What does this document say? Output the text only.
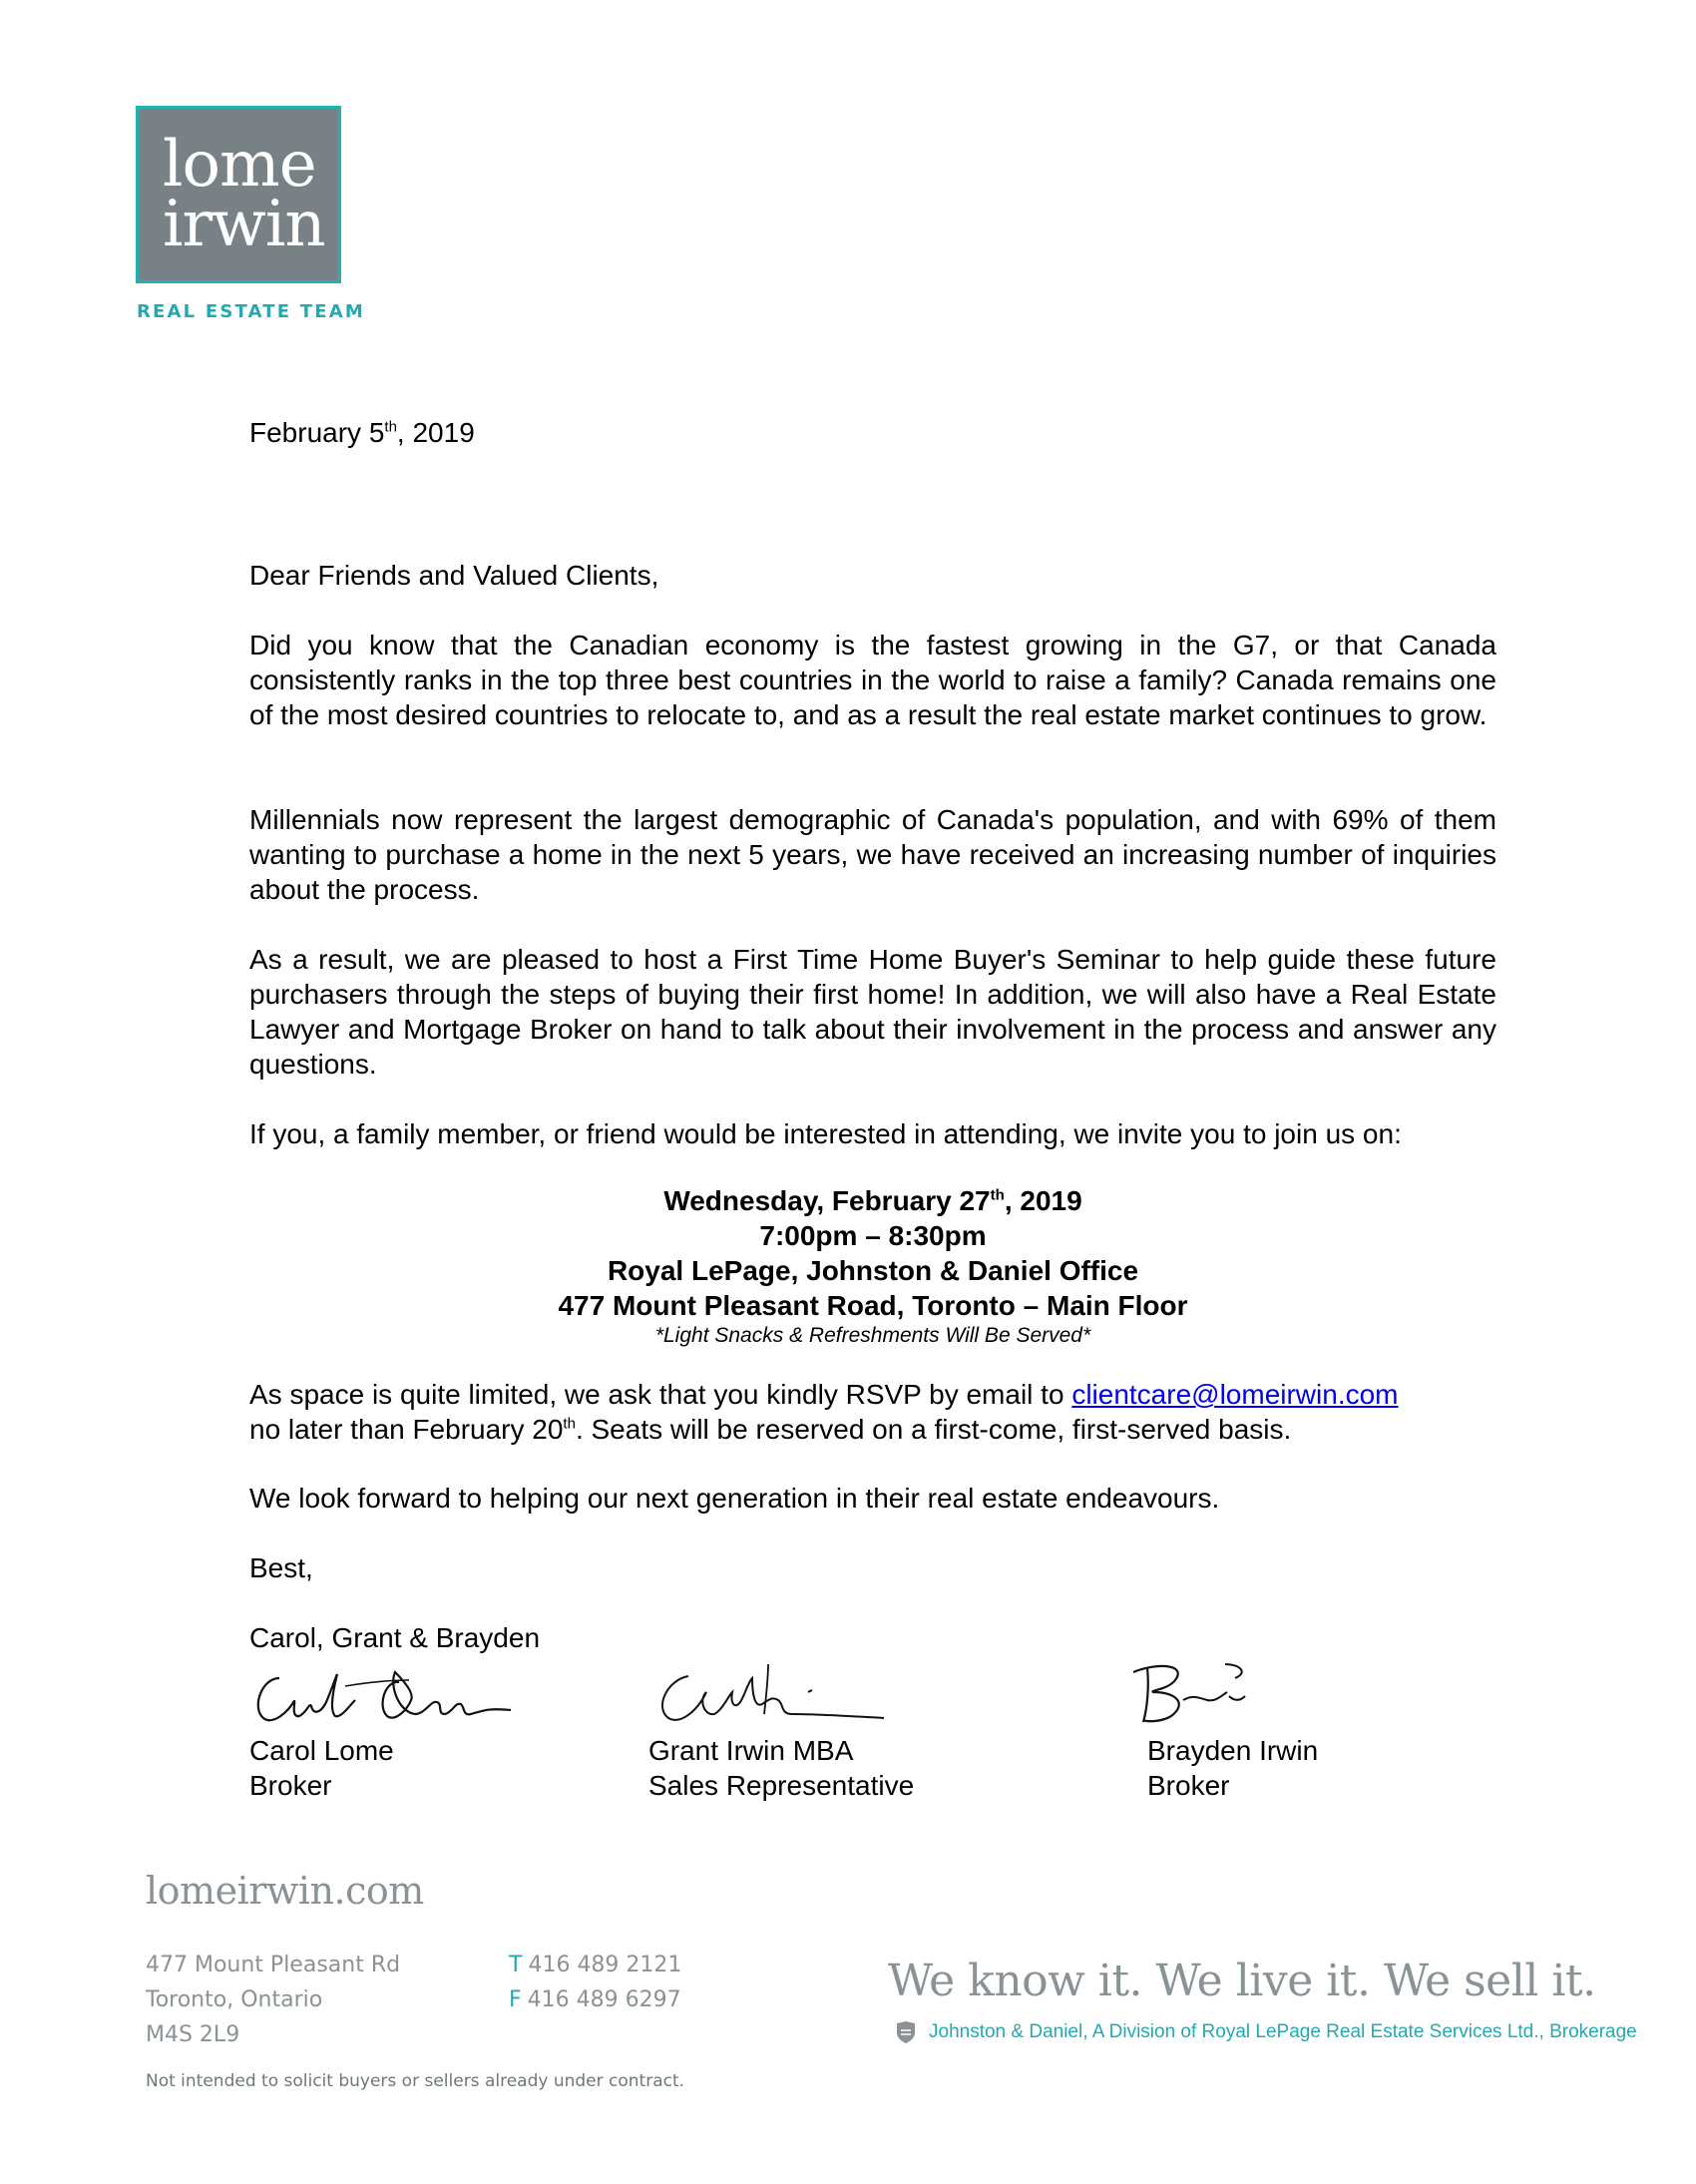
lome
irwin
REAL ESTATE TEAM
February 5th, 2019
Dear Friends and Valued Clients,
Did you know that the Canadian economy is the fastest growing in the G7, or that Canada consistently ranks in the top three best countries in the world to raise a family? Canada remains one of the most desired countries to relocate to, and as a result the real estate market continues to grow.
Millennials now represent the largest demographic of Canada's population, and with 69% of them wanting to purchase a home in the next 5 years, we have received an increasing number of inquiries about the process.
As a result, we are pleased to host a First Time Home Buyer's Seminar to help guide these future purchasers through the steps of buying their first home! In addition, we will also have a Real Estate Lawyer and Mortgage Broker on hand to talk about their involvement in the process and answer any questions.
If you, a family member, or friend would be interested in attending, we invite you to join us on:
Wednesday, February 27th, 2019
7:00pm – 8:30pm
Royal LePage, Johnston & Daniel Office
477 Mount Pleasant Road, Toronto – Main Floor
*Light Snacks & Refreshments Will Be Served*
As space is quite limited, we ask that you kindly RSVP by email to clientcare@lomeirwin.com
no later than February 20th. Seats will be reserved on a first-come, first-served basis.
We look forward to helping our next generation in their real estate endeavours.
Best,
Carol, Grant & Brayden
Carol Lome
Broker
Grant Irwin MBA
Sales Representative
Brayden Irwin
Broker
lomeirwin.com
477 Mount Pleasant Rd
Toronto, Ontario
M4S 2L9
T 416 489 2121
F 416 489 6297	We know it. We live it. We sell it.
Johnston & Daniel, A Division of Royal LePage Real Estate Services Ltd., Brokerage
Not intended to solicit buyers or sellers already under contract.
